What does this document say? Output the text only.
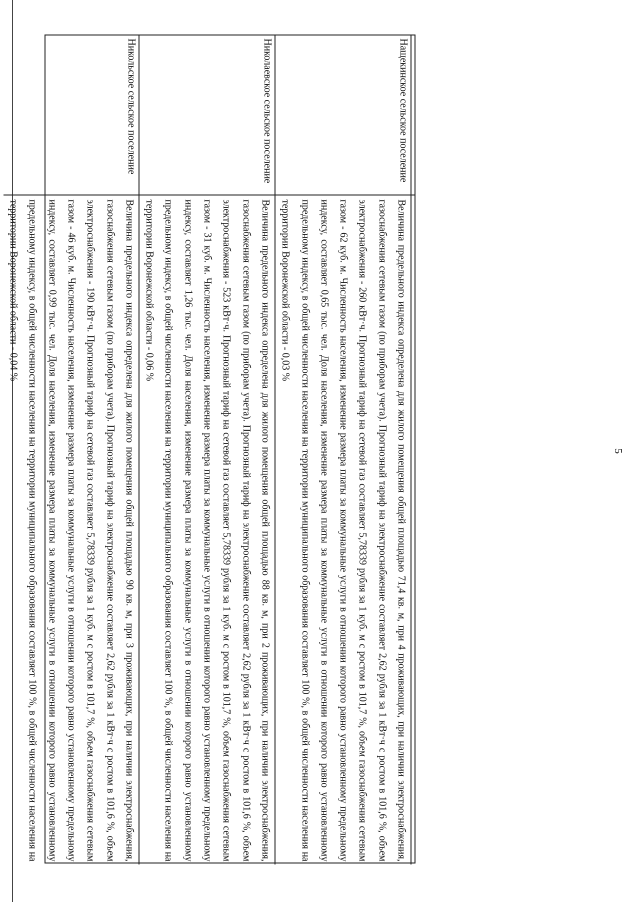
5
Нащекинское сельское поселение
Величина предельного индекса определена для жилого помещения общей площадью 71,4 кв. м, при 4 проживающих, при наличии электроснабжения, газоснабжения сетевым газом (по приборам учета). Прогнозный тариф на электроснабжение составляет 2,62 рубля за 1 кВт·ч с ростом в 101,6 %, объем электроснабжения - 260 кВт·ч. Прогнозный тариф на сетевой газ составляет 5,78339 рубля за 1 куб. м с ростом в 101,7 %, объем газоснабжения сетевым газом - 62 куб. м. Численность населения, изменение размера платы за коммунальные услуги в отношении которого равно установленному предельному индексу, составляет 0,65 тыс. чел. Доля населения, изменение размера платы за коммунальные услуги в отношении которого равно установленному предельному индексу, в общей численности населения на территории муниципального образования составляет 100 %, в общей численности населения на территории Воронежской области - 0,03 %
Николаевское сельское поселение
Величина предельного индекса определена для жилого помещения общей площадью 88 кв. м, при 2 проживающих, при наличии электроснабжения, газоснабжения сетевым газом (по приборам учета). Прогнозный тариф на электроснабжение составляет 2,62 рубля за 1 кВт·ч с ростом в 101,6 %, объем электроснабжения - 523 кВт·ч. Прогнозный тариф на сетевой газ составляет 5,78339 рубля за 1 куб. м с ростом в 101,7 %, объем газоснабжения сетевым газом - 31 куб. м. Численность населения, изменение размера платы за коммунальные услуги в отношении которого равно установленному предельному индексу, составляет 1,26 тыс. чел. Доля населения, изменение размера платы за коммунальные услуги в отношении которого равно установленному предельному индексу, в общей численности населения на территории муниципального образования составляет 100 %, в общей численности населения на территории Воронежской области - 0,06 %
Никольское сельское поселение
Величина предельного индекса определена для жилого помещения общей площадью 90 кв. м, при 3 проживающих, при наличии электроснабжения, газоснабжения сетевым газом (по приборам учета). Прогнозный тариф на электроснабжение составляет 2,62 рубля за 1 кВт·ч с ростом в 101,6 %, объем электроснабжения - 190 кВт·ч. Прогнозный тариф на сетевой газ составляет 5,78339 рубля за 1 куб. м с ростом в 101,7 %, объем газоснабжения сетевым газом - 46 куб. м. Численность населения, изменение размера платы за коммунальные услуги в отношении которого равно установленному предельному индексу, составляет 0,99 тыс. чел. Доля населения, изменение размера платы за коммунальные услуги в отношении которого равно установленному предельному индексу, в общей численности населения на территории муниципального образования составляет 100 %, в общей численности населения на территории Воронежской области - 0,04 %
